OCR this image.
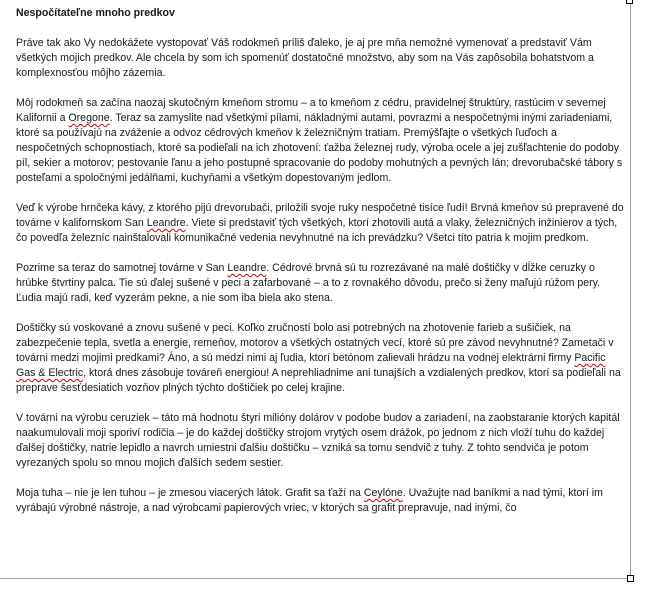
Nespočítateľne mnoho predkov
Práve tak ako Vy nedokážete vystopovať Váš rodokmeň príliš ďaleko, je aj pre mňa nemožné vymenovať a predstaviť Vám všetkých mojich predkov. Ale chcela by som ich spomenúť dostatočné množstvo, aby som na Vás zapôsobila bohatstvom a komplexnosťou môjho zázemia.
Môj rodokmeň sa začína naozaj skutočným kmeňom stromu – a to kmeňom z cédru, pravidelnej štruktúry, rastúcim v severnej Kalifornii a Oregone. Teraz sa zamyslite nad všetkými pílami, nákladnými autami, povrazmi a nespočetnými inými zariadeniami, ktoré sa používajú na zváženie a odvoz cédrových kmeňov k železničným tratiam. Premýšľajte o všetkých ľuďoch a nespočetných schopnostiach, ktoré sa podieľali na ich zhotovení: ťažba železnej rudy, výroba ocele a jej zušľachtenie do podoby píl, sekier a motorov; pestovanie ľanu a jeho postupné spracovanie do podoby mohutných a pevných lán; drevorubačské tábory s posteľami a spoločnými jedálňami, kuchyňami a všetkým dopestovaným jedlom.
Veď k výrobe hrnčeka kávy, z ktorého pijú drevorubači, priložili svoje ruky nespočetné tisíce ľudí! Brvná kmeňov sú prepravené do továrne v kalifornskom San Leandre. Viete si predstaviť tých všetkých, ktorí zhotovili autá a vlaky, železničných inžinierov a tých, čo povedľa železníc nainštalovali komunikačné vedenia nevyhnutné na ich prevádzku? Všetci títo patria k mojim predkom.
Pozrime sa teraz do samotnej továrne v San Leandre. Cédrové brvná sú tu rozrezávané na malé doštičky v dĺžke ceruzky o hrúbke štvrtiny palca. Tie sú ďalej sušené v peci a zafarbované – a to z rovnakého dôvodu, prečo si ženy maľujú rúžom pery. Ľudia majú radi, keď vyzerám pekne, a nie som iba biela ako stena.
Doštičky sú voskované a znovu sušené v peci. Koľko zručností bolo asi potrebných na zhotovenie farieb a sušičiek, na zabezpečenie tepla, svetla a energie, remeňov, motorov a všetkých ostatných vecí, ktoré sú pre závod nevyhnutné? Zametači v továrni medzi mojimi predkami? Áno, a sú medzi nimi aj ľudia, ktorí betónom zalievali hrádzu na vodnej elektrárni firmy Pacific Gas & Electric, ktorá dnes zásobuje továreň energiou! A neprehliadnime ani tunajších a vzdialených predkov, ktorí sa podieľali na preprave šesťdesiatich vozňov plných týchto doštičiek po celej krajine.
V továrni na výrobu ceruziek – táto má hodnotu štyri milióny dolárov v podobe budov a zariadení, na zaobstaranie ktorých kapitál naakumulovali moji sporiví rodičia – je do každej doštičky strojom vrytých osem drážok, po jednom z nich vloží tuhu do každej ďalšej doštičky, natrie lepidlo a navrch umiestni ďalšiu doštičku – vzniká sa tomu sendvič z tuhy. Z tohto sendviča je potom vyrezaných spolu so mnou mojich ďalších sedem sestier.
Moja tuha – nie je len tuhou – je zmesou viacerých látok. Grafit sa ťaží na Ceylóne. Uvažujte nad baníkmi a nad tými, ktorí im vyrábajú výrobné nástroje, a nad výrobcami papierových vriec, v ktorých sa grafit prepravuje, nad inými, čo
